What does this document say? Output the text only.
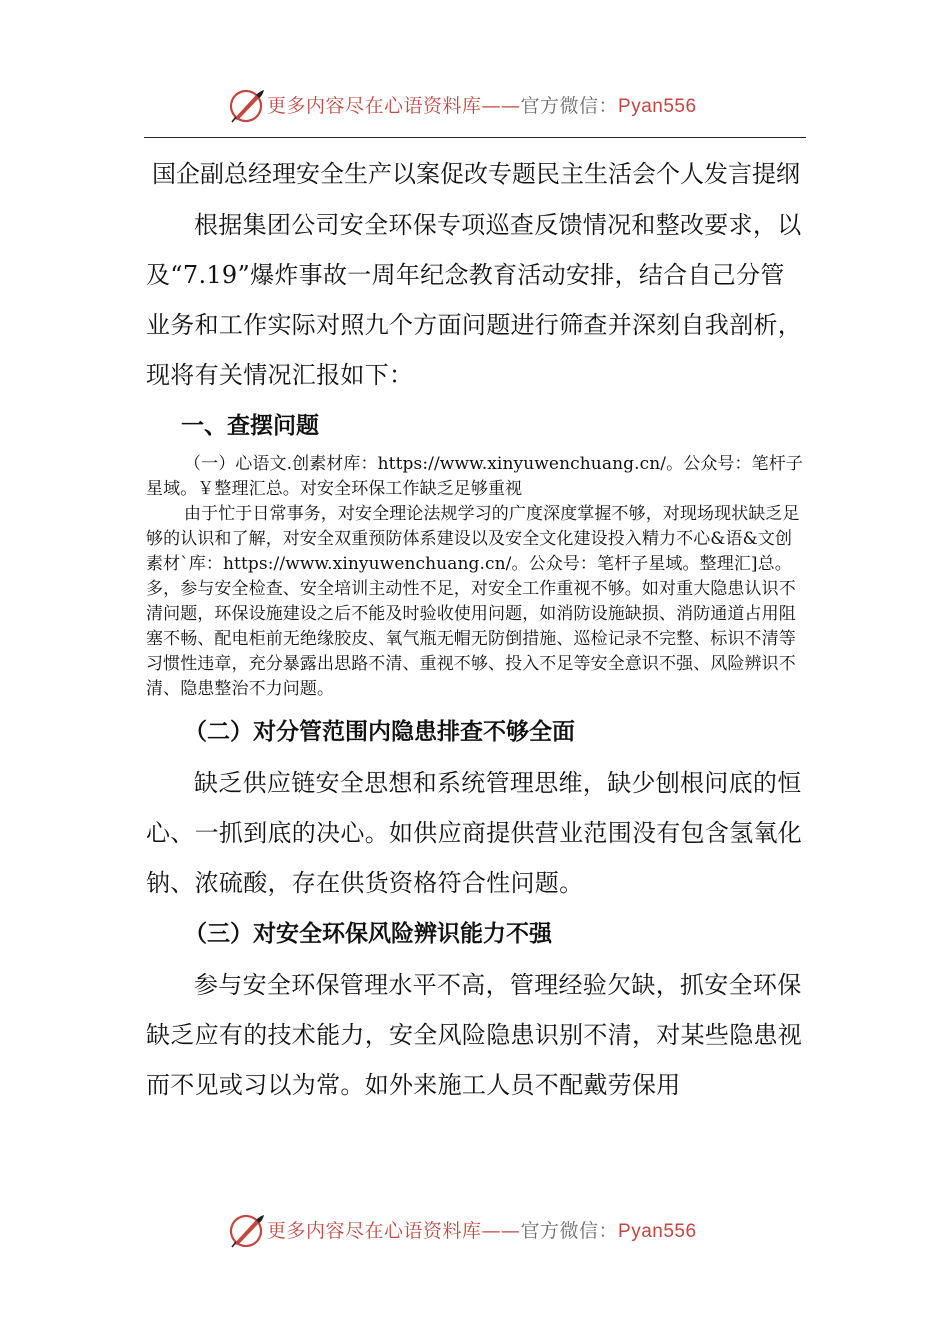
更多内容尽在心语资料库——官方微信：Pyan556
国企副总经理安全生产以案促改专题民主生活会个人发言提纲

根据集团公司安全环保专项巡查反馈情况和整改要求，以及“7.19”爆炸事故一周年纪念教育活动安排，结合自己分管业务和工作实际对照九个方面问题进行筛查并深刻自我剖析，现将有关情况汇报如下：

一、查摆问题

（一）心语文.创素材库：https://www.xinyuwenchuang.cn/。公众号：笔杆子星域。￥整理汇总。对安全环保工作缺乏足够重视

由于忙于日常事务，对安全理论法规学习的广度深度掌握不够，对现场现状缺乏足够的认识和了解，对安全双重预防体系建设以及安全文化建设投入精力不心&语&文创素材`库：https://www.xinyuwenchuang.cn/。公众号：笔杆子星域。整理汇]总。多，参与安全检查、安全培训主动性不足，对安全工作重视不够。如对重大隐患认识不清问题，环保设施建设之后不能及时验收使用问题，如消防设施缺损、消防通道占用阻塞不畅、配电柜前无绝缘胶皮、氧气瓶无帽无防倒措施、巡检记录不完整、标识不清等习惯性违章，充分暴露出思路不清、重视不够、投入不足等安全意识不强、风险辨识不清、隐患整治不力问题。

（二）对分管范围内隐患排查不够全面

缺乏供应链安全思想和系统管理思维，缺少刨根问底的恒心、一抓到底的决心。如供应商提供营业范围没有包含氢氧化钠、浓硫酸，存在供货资格符合性问题。

（三）对安全环保风险辨识能力不强

参与安全环保管理水平不高，管理经验欠缺，抓安全环保缺乏应有的技术能力，安全风险隐患识别不清，对某些隐患视而不见或习以为常。如外来施工人员不配戴劳保用

更多内容尽在心语资料库——官方微信：Pyan556
